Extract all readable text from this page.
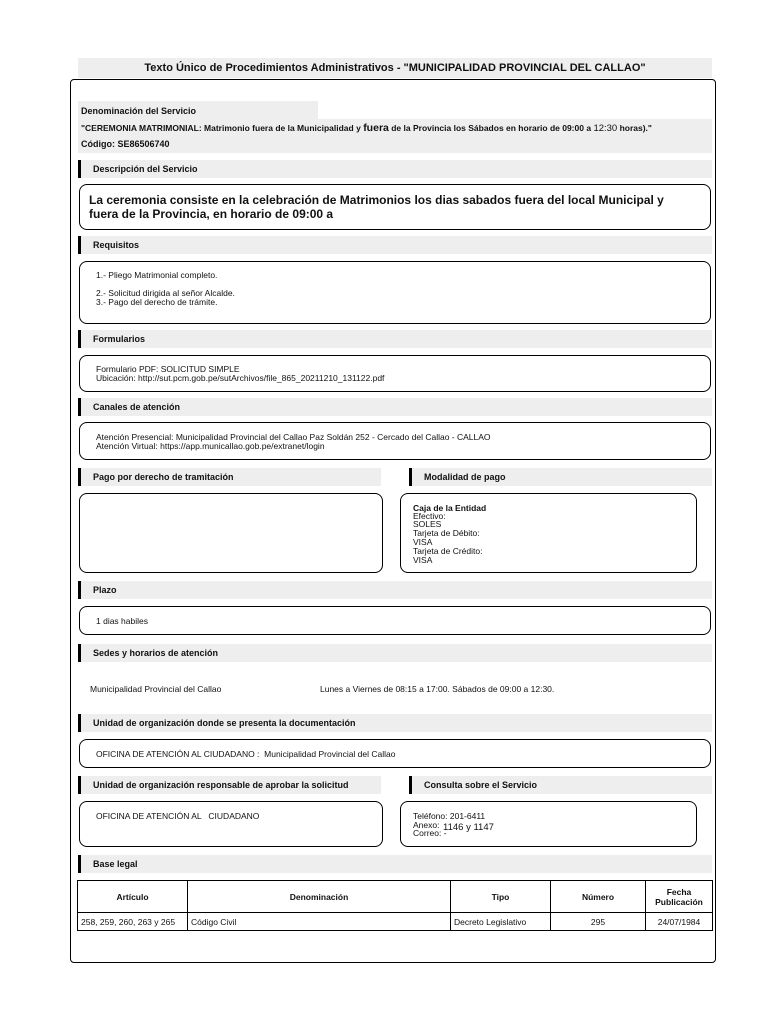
Texto Único de Procedimientos Administrativos - "MUNICIPALIDAD PROVINCIAL DEL CALLAO"
Denominación del Servicio
"CEREMONIA MATRIMONIAL: Matrimonio fuera de la Municipalidad y fuera de la Provincia los Sábados en horario de 09:00 a 12:30 horas)."
Código: SE86506740
Descripción del Servicio
La ceremonia consiste en la celebración de Matrimonios los dias sabados fuera del local Municipal y
fuera de la Provincia, en horario de 09:00 a
Requisitos
1.- Pliego Matrimonial completo.
2.- Solicitud dirigida al señor Alcalde.
3.- Pago del derecho de trámite.
Formularios
Formulario PDF: SOLICITUD SIMPLE
Ubicación: http://sut.pcm.gob.pe/sutArchivos/file_865_20211210_131122.pdf
Canales de atención
Atención Presencial: Municipalidad Provincial del Callao Paz Soldán 252 - Cercado del Callao - CALLAO
Atención Virtual: https://app.municallao.gob.pe/extranet/login
Pago por derecho de tramitación	Modalidad de pago
Caja de la Entidad
Efectivo:
SOLES
Tarjeta de Débito:
VISA
Tarjeta de Crédito:
VISA
Plazo
1 dias habiles
Sedes y horarios de atención
Municipalidad Provincial del Callao	Lunes a Viernes de 08:15 a 17:00. Sábados de 09:00 a 12:30.
Unidad de organización donde se presenta la documentación
OFICINA DE ATENCIÓN AL CIUDADANO :  Municipalidad Provincial del Callao
Unidad de organización responsable de aprobar la solicitud	Consulta sobre el Servicio
OFICINA DE ATENCIÓN AL   CIUDADANO	Teléfono: 201-6411
Anexo: 1146 y 1147
Correo: -
Base legal
Artículo	Denominación	Tipo	Número	Fecha
Publicación

258, 259, 260, 263 y 265	Código Civil	Decreto Legislativo	295	24/07/1984
